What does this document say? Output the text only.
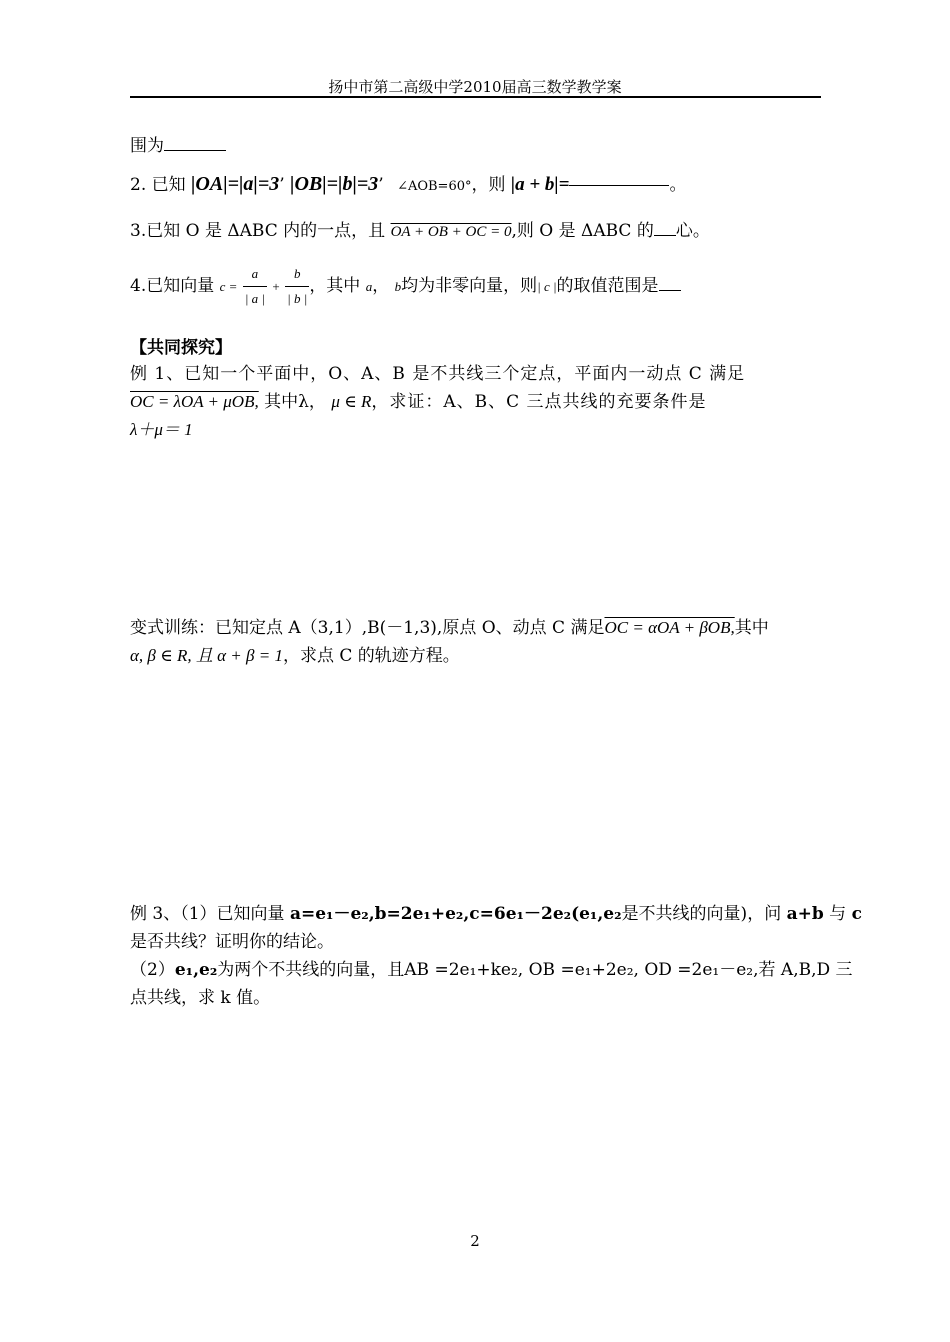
扬中市第二高级中学2010届高三数学教学案
围为
2. 已知 |OA|=|a|=3’ |OB|=|b|=3’ ∠AOB=60°，则 |a + b|=	。
3.已知 O 是 ΔABC 内的一点，且 OA + OB + OC = 0,则 O 是 ΔABC 的 心。
4.已知向量 $c = \frac{a}{| a |} + \frac{b}{| b |}$ ，其中 a， b均为非零向量，则| c |的取值范围是
【共同探究】
例 1、已知一个平面中，O、A、B 是不共线三个定点，平面内一动点 C 满足
OC = λOA + μOB, 其中λ， μ ∈ R，求证：A、B、C 三点共线的充要条件是
λ＋μ＝ 1
变式训练：已知定点 A（3,1）,B(－1,3),原点 O、动点 C 满足OC = αOA + βOB,其中
α, β ∈ R, 且 α + β = 1，求点 C 的轨迹方程。
例 3、（1）已知向量 a=e₁－e₂,b=2e₁+e₂,c=6e₁－2e₂(e₁,e₂是不共线的向量)，问 a+b 与 c
是否共线？证明你的结论。
（2）e₁,e₂为两个不共线的向量，且AB =2e₁+ke₂, OB =e₁+2e₂, OD =2e₁－e₂,若 A,B,D 三
点共线，求 k 值。
2
